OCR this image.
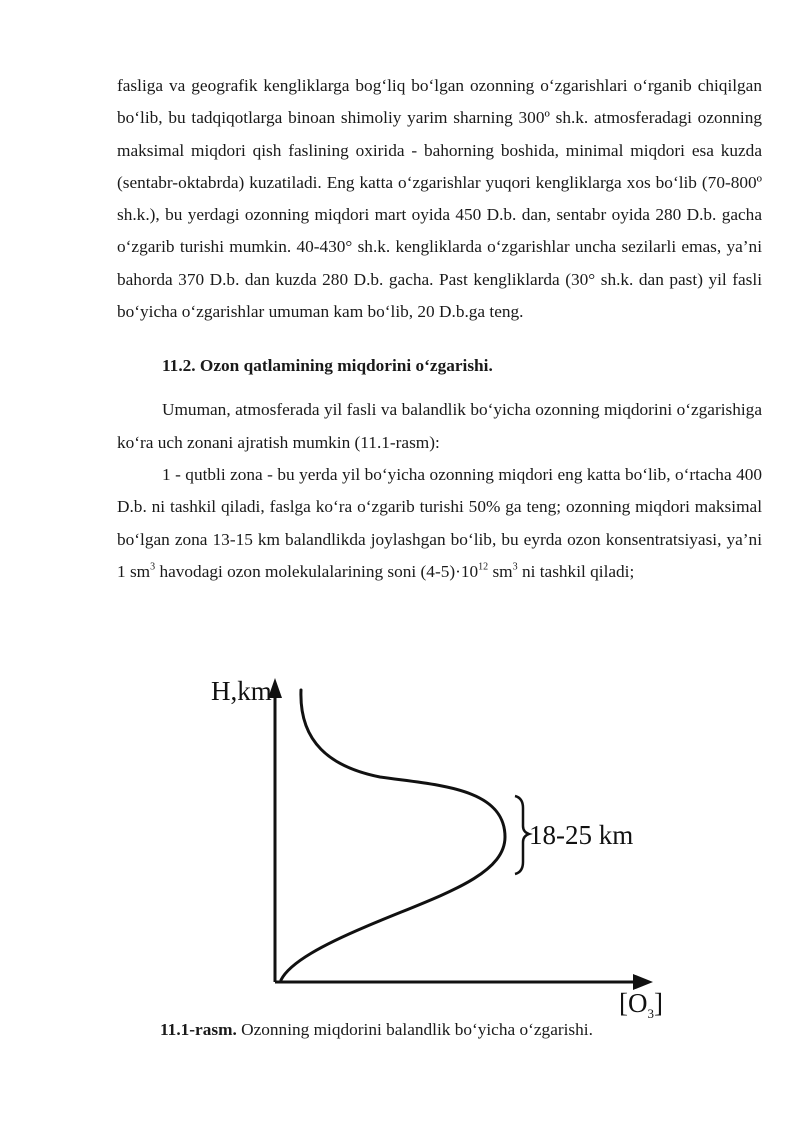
fasliga va geografik kengliklarga bog‘liq bo‘lgan ozonning o‘zgarishlari o‘rganib chiqilgan bo‘lib, bu tadqiqotlarga binoan shimoliy yarim sharning 300º sh.k. atmosferadagi ozonning maksimal miqdori qish faslining oxirida - bahorning boshida, minimal miqdori esa kuzda (sentabr-oktabrda) kuzatiladi. Eng katta o‘zgarishlar yuqori kengliklarga xos bo‘lib (70-800º sh.k.), bu yerdagi ozonning miqdori mart oyida 450 D.b. dan, sentabr oyida 280 D.b. gacha o‘zgarib turishi mumkin. 40-430° sh.k. kengliklarda o‘zgarishlar uncha sezilarli emas, ya’ni bahorda 370 D.b. dan kuzda 280 D.b. gacha. Past kengliklarda (30° sh.k. dan past) yil fasli bo‘yicha o‘zgarishlar umuman kam bo‘lib, 20 D.b.ga teng.

11.2. Ozon qatlamining miqdorini o‘zgarishi.

Umuman, atmosferada yil fasli va balandlik bo‘yicha ozonning miqdorini o‘zgarishiga ko‘ra uch zonani ajratish mumkin (11.1-rasm):

1 - qutbli zona - bu yerda yil bo‘yicha ozonning miqdori eng katta bo‘lib, o‘rtacha 400 D.b. ni tashkil qiladi, faslga ko‘ra o‘zgarib turishi 50% ga teng; ozonning miqdori maksimal bo‘lgan zona 13-15 km balandlikda joylashgan bo‘lib, bu eyrda ozon konsentratsiyasi, ya’ni 1 $sm^3$ havodagi ozon molekulalarining soni $(4-5)\cdot 10^{12}$ $sm^3$ ni tashkil qiladi;

H,km
18-25 km
$[O_3]$
11.1-rasm. Ozonning miqdorini balandlik bo‘yicha o‘zgarishi.
